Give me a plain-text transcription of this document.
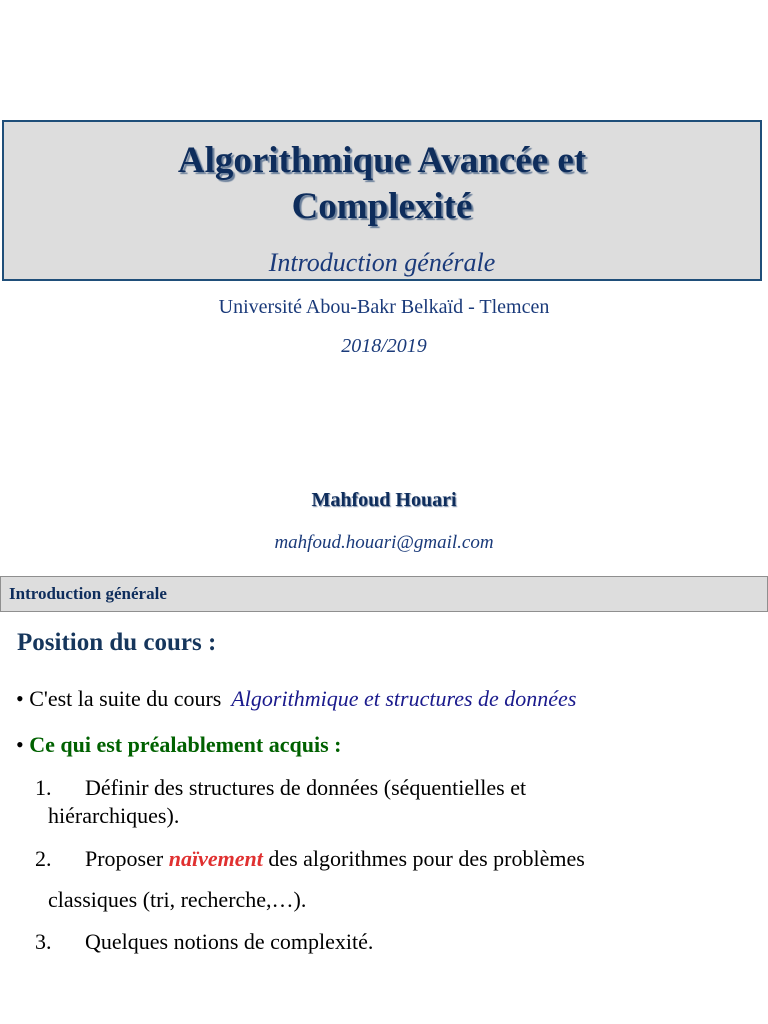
Algorithmique Avancée et
Complexité
Introduction générale
Université Abou-Bakr Belkaïd - Tlemcen
2018/2019
Mahfoud Houari
mahfoud.houari@gmail.com
Introduction générale
Position du cours :
• C'est la suite du cours Algorithmique et structures de données
• Ce qui est préalablement acquis :
1. Définir des structures de données (séquentielles et
hiérarchiques).
2. Proposer naïvement des algorithmes pour des problèmes
classiques (tri, recherche,…).
3. Quelques notions de complexité.
